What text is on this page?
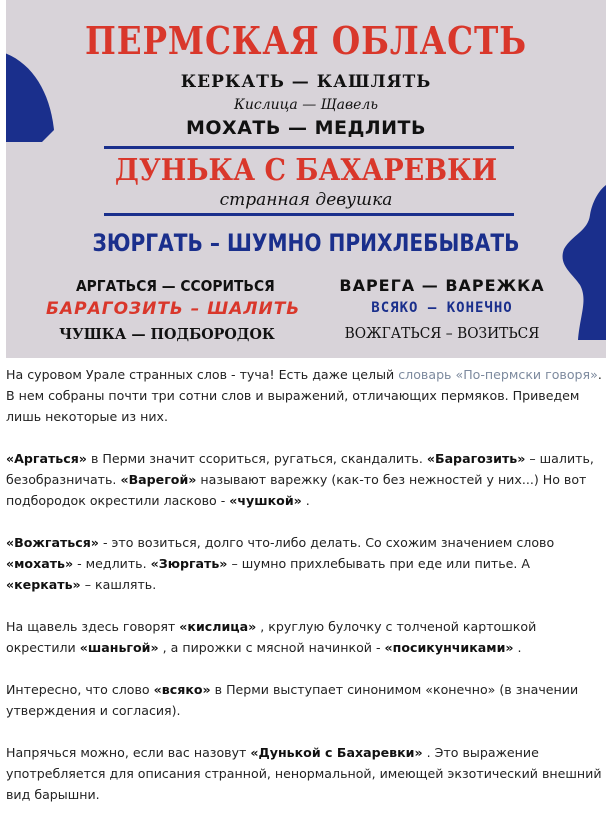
ПЕРМСКАЯ ОБЛАСТЬ
КЕРКАТЬ — КАШЛЯТЬ
Кислица — Щавель
МОХАТЬ — МЕДЛИТЬ
ДУНЬКА С БАХАРЕВКИ
странная девушка
ЗЮРГАТЬ – ШУМНО ПРИХЛЕБЫВАТЬ
АРГАТЬСЯ — ССОРИТЬСЯ
БАРАГОЗИТЬ – ШАЛИТЬ
ЧУШКА — ПОДБОРОДОК
ВАРЕГА — ВАРЕЖКА
ВСЯКО — КОНЕЧНО
ВОЖГАТЬСЯ – ВОЗИТЬСЯ

На суровом Урале странных слов - туча! Есть даже целый словарь «По-пермски говоря». В нем собраны почти три сотни слов и выражений, отличающих пермяков. Приведем лишь некоторые из них.

«Аргаться» в Перми значит ссориться, ругаться, скандалить. «Барагозить» – шалить, безобразничать. «Варегой» называют варежку (как-то без нежностей у них...) Но вот подбородок окрестили ласково - «чушкой» .

«Вожгаться» - это возиться, долго что-либо делать. Со схожим значением слово «мохать» - медлить. «Зюргать» – шумно прихлебывать при еде или питье. А «керкать» – кашлять.

На щавель здесь говорят «кислица» , круглую булочку с толченой картошкой окрестили «шаньгой» , а пирожки с мясной начинкой - «посикунчиками» .

Интересно, что слово «всяко» в Перми выступает синонимом «конечно» (в значении утверждения и согласия).

Напрячься можно, если вас назовут «Дунькой с Бахаревки» . Это выражение употребляется для описания странной, ненормальной, имеющей экзотический внешний вид барышни.
